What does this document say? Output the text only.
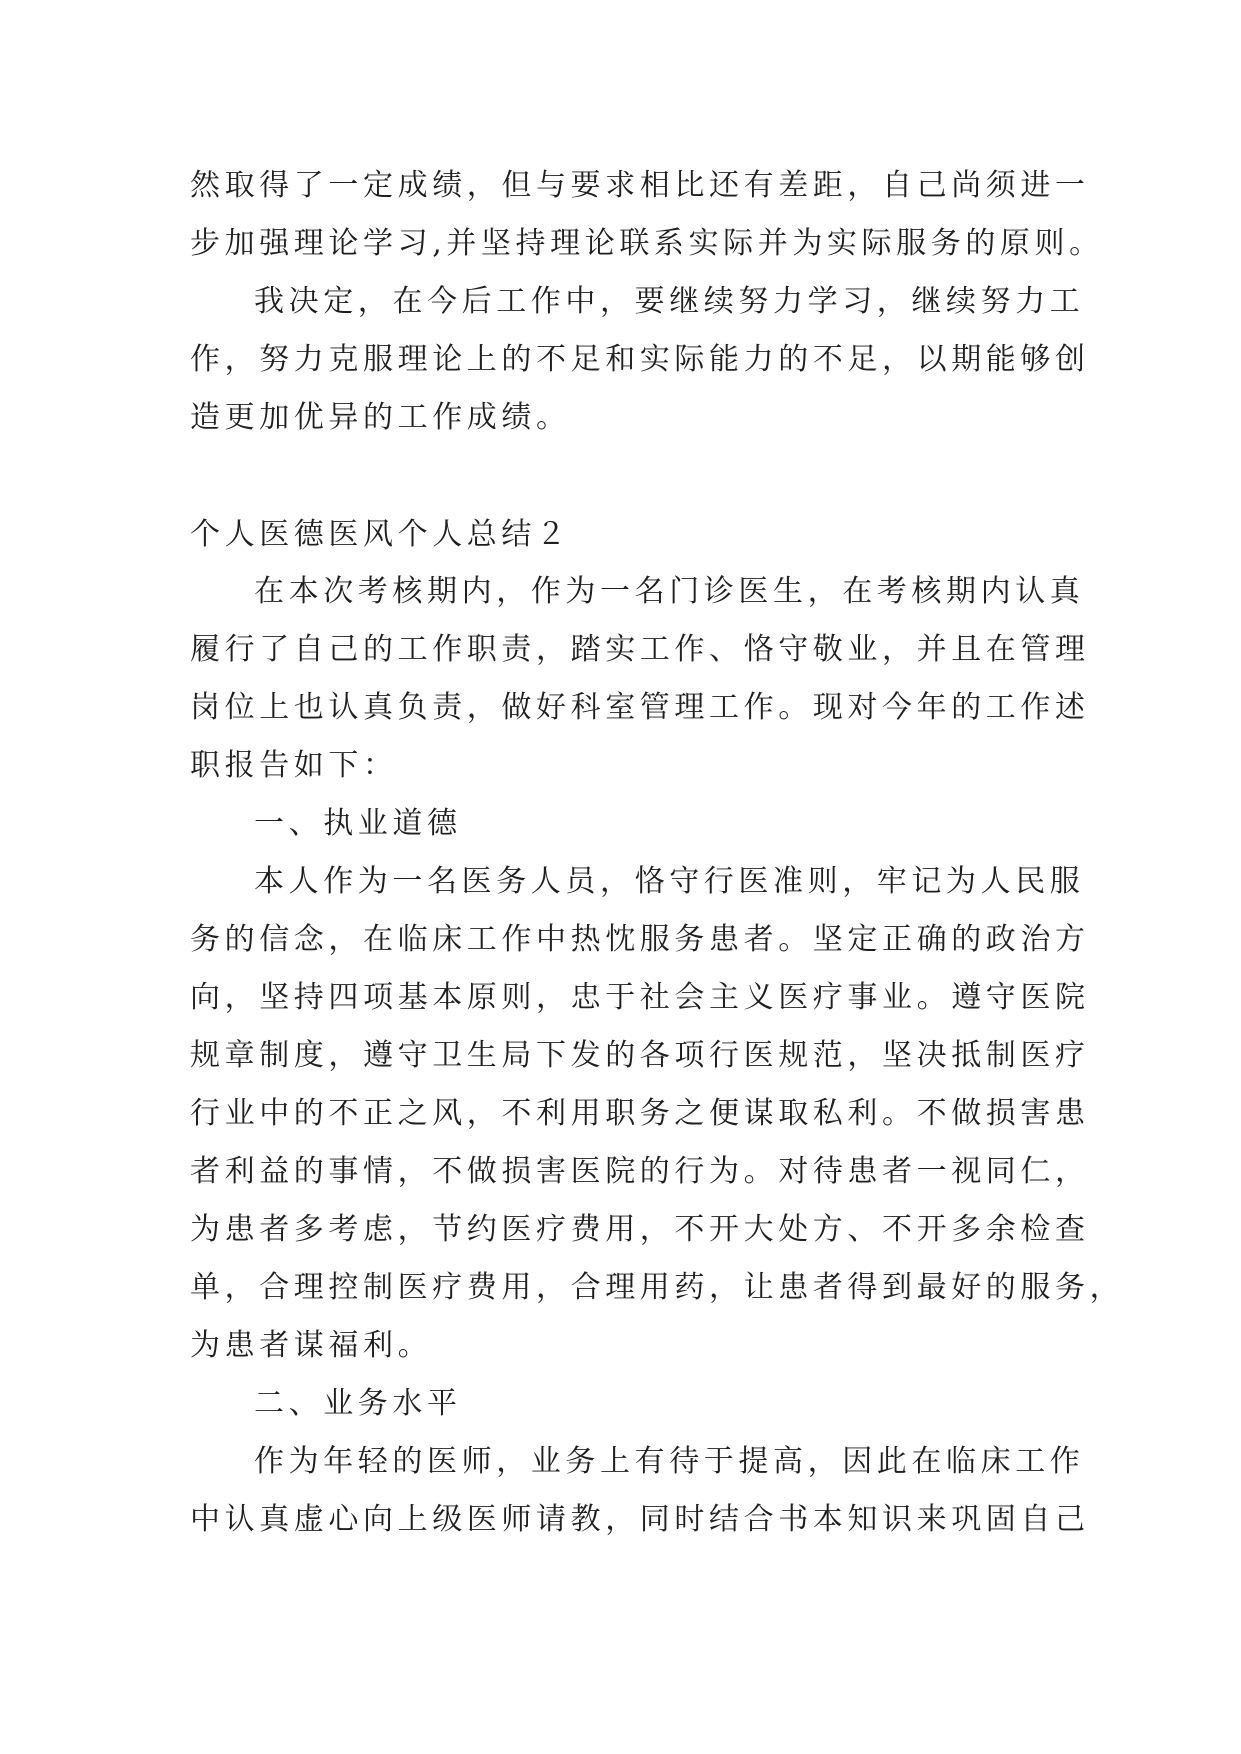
然取得了一定成绩，但与要求相比还有差距，自己尚须进一
步加强理论学习,并坚持理论联系实际并为实际服务的原则。
我决定，在今后工作中，要继续努力学习，继续努力工
作，努力克服理论上的不足和实际能力的不足，以期能够创
造更加优异的工作成绩。
个人医德医风个人总结２
在本次考核期内，作为一名门诊医生，在考核期内认真
履行了自己的工作职责，踏实工作、恪守敬业，并且在管理
岗位上也认真负责，做好科室管理工作。现对今年的工作述
职报告如下：
一、执业道德
本人作为一名医务人员，恪守行医准则，牢记为人民服
务的信念，在临床工作中热忱服务患者。坚定正确的政治方
向，坚持四项基本原则，忠于社会主义医疗事业。遵守医院
规章制度，遵守卫生局下发的各项行医规范，坚决抵制医疗
行业中的不正之风，不利用职务之便谋取私利。不做损害患
者利益的事情，不做损害医院的行为。对待患者一视同仁，
为患者多考虑，节约医疗费用，不开大处方、不开多余检查
单，合理控制医疗费用，合理用药，让患者得到最好的服务，
为患者谋福利。
二、业务水平
作为年轻的医师，业务上有待于提高，因此在临床工作
中认真虚心向上级医师请教，同时结合书本知识来巩固自己
